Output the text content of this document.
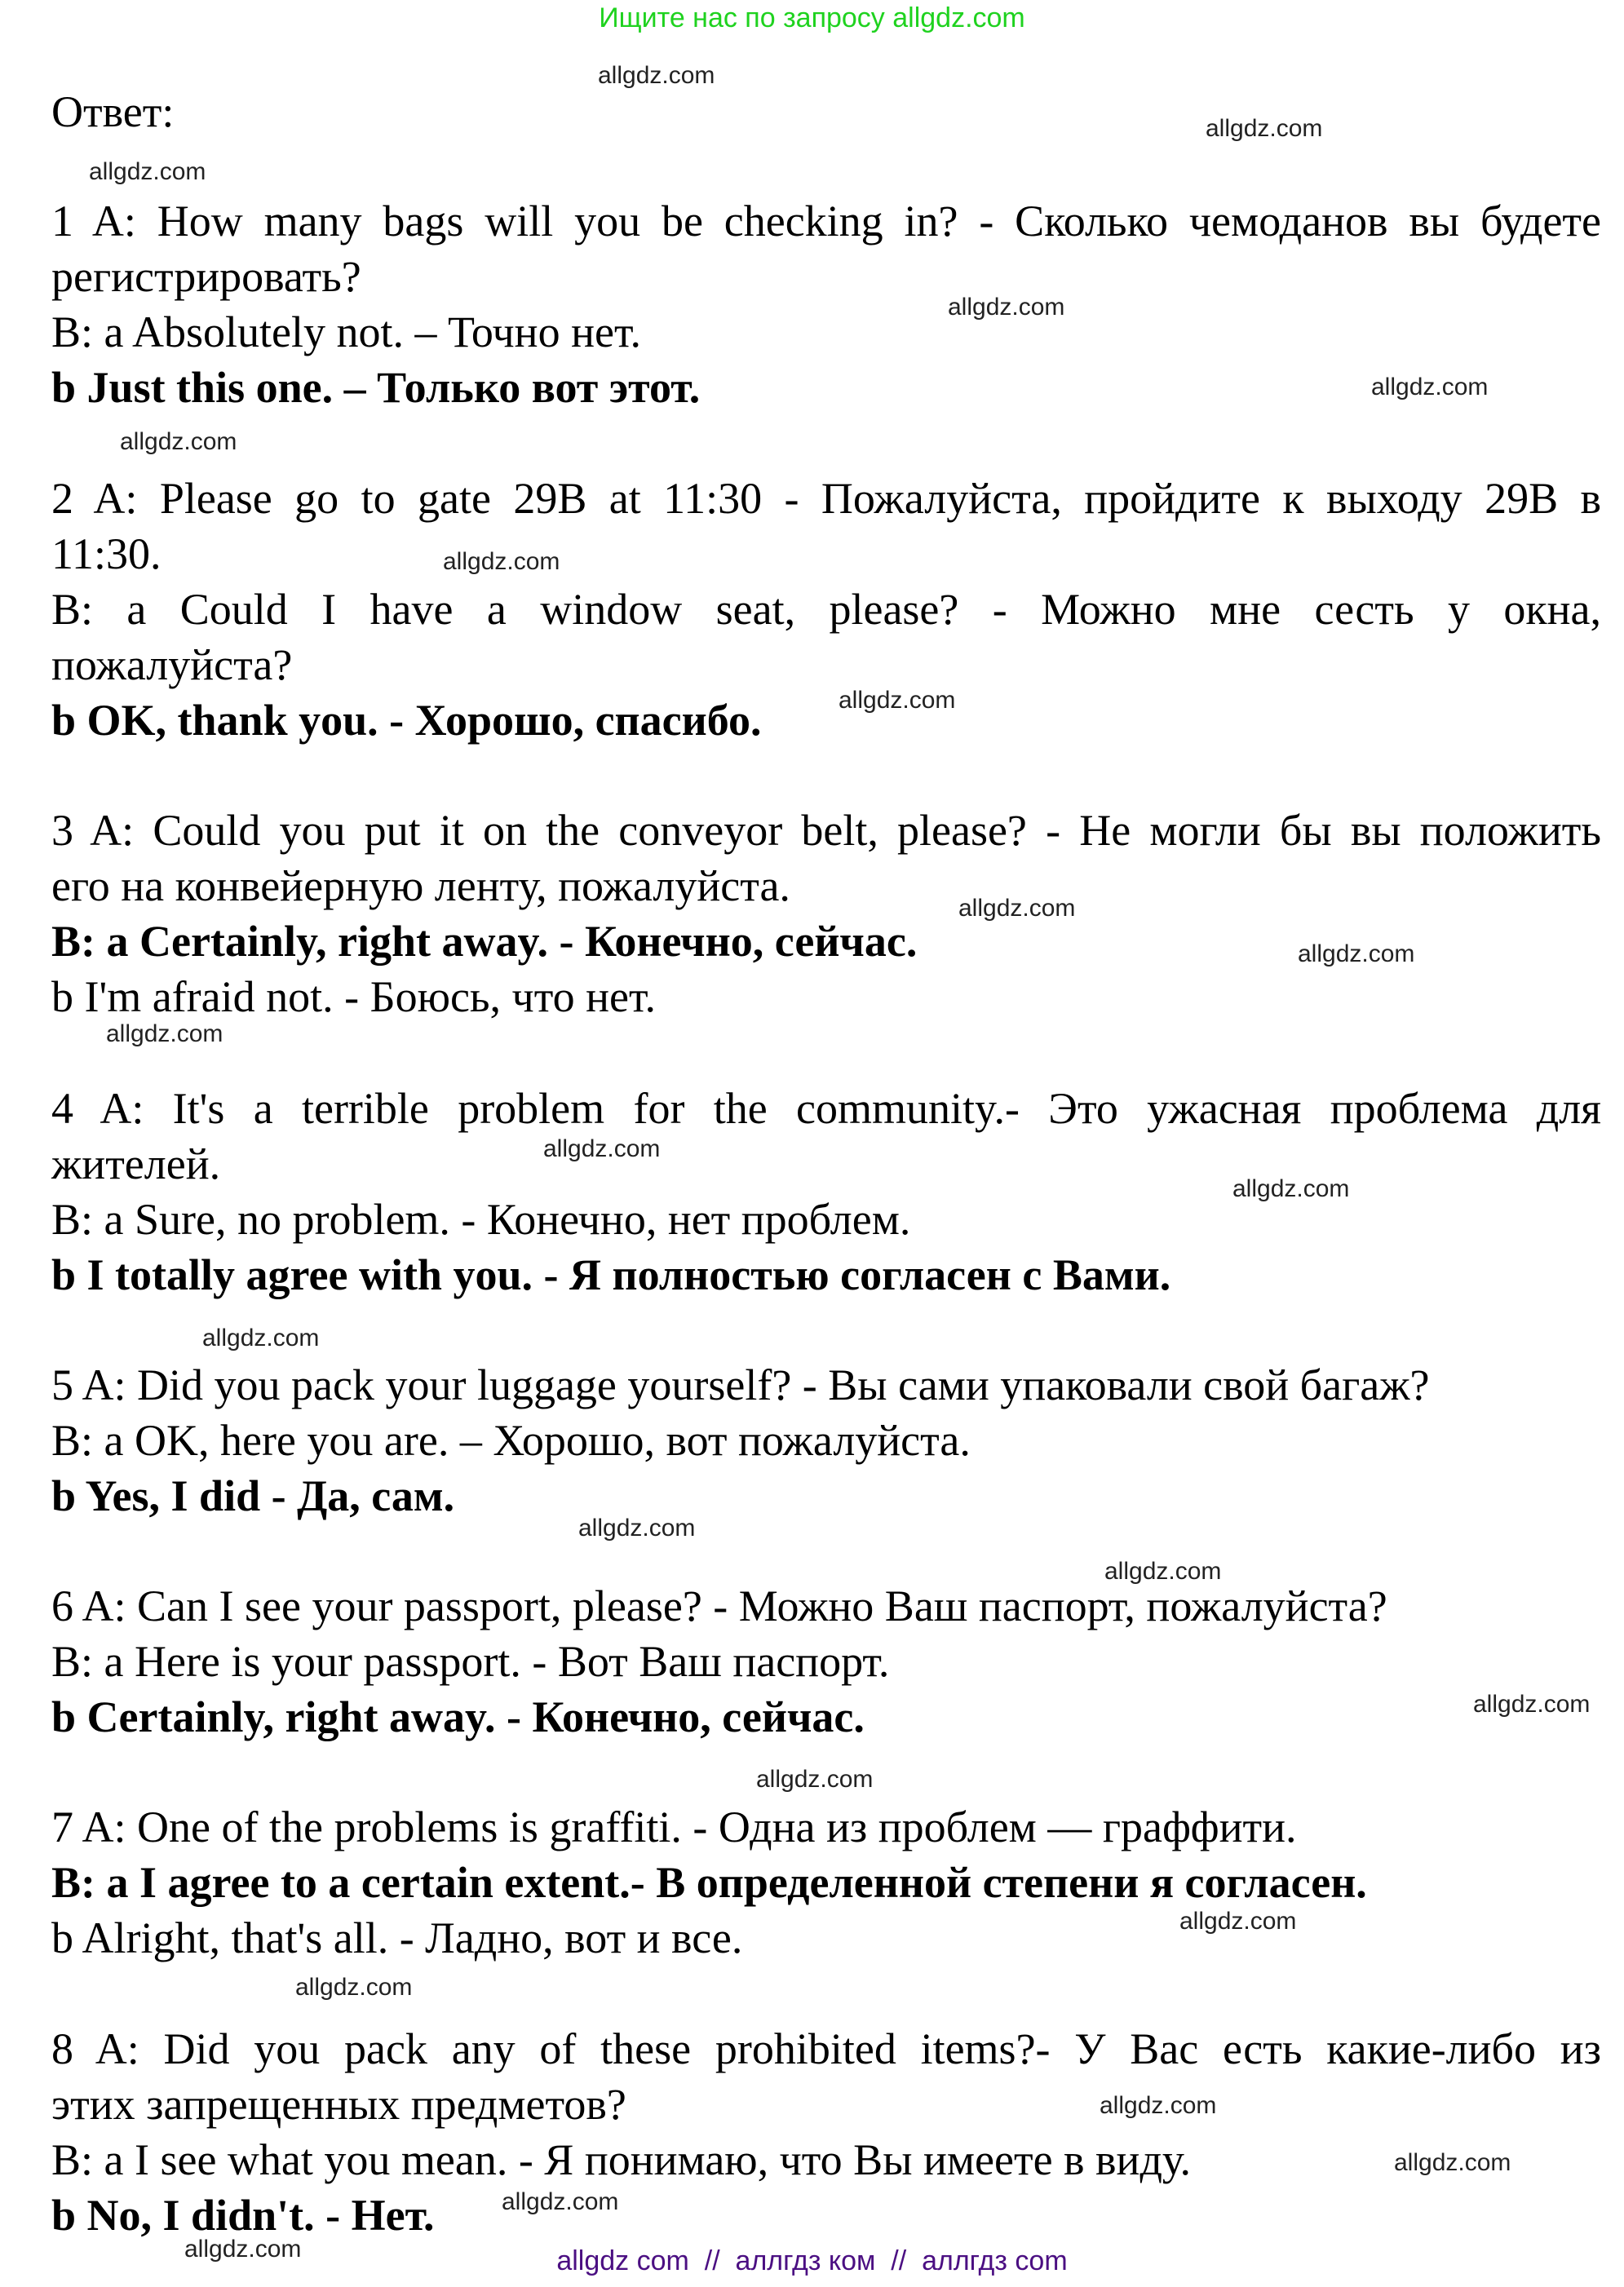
Ищите нас по запросу allgdz.com
Ответ:
1 A: How many bags will you be checking in? - Сколько чемоданов вы будете
регистрировать?
B: a Absolutely not. – Точно нет.
b Just this one. – Только вот этот.
2 A: Please go to gate 29B at 11:30 - Пожалуйста, пройдите к выходу 29B в
11:30.
B: a Could I have a window seat, please? - Можно мне сесть у окна,
пожалуйста?
b OK, thank you. - Хорошо, спасибо.
3 A: Could you put it on the conveyor belt, please? - Не могли бы вы положить
его на конвейерную ленту, пожалуйста.
B: a Certainly, right away. - Конечно, сейчас.
b I'm afraid not. - Боюсь, что нет.
4 A: It's a terrible problem for the community.- Это ужасная проблема для
жителей.
B: a Sure, no problem. - Конечно, нет проблем.
b I totally agree with you. - Я полностью согласен с Вами.
5 A: Did you pack your luggage yourself? - Вы сами упаковали свой багаж?
B: a OK, here you are. – Хорошо, вот пожалуйста.
b Yes, I did - Да, сам.
6 A: Can I see your passport, please? - Можно Ваш паспорт, пожалуйста?
B: a Here is your passport. - Вот Ваш паспорт.
b Certainly, right away. - Конечно, сейчас.
7 A: One of the problems is graffiti. - Одна из проблем — граффити.
B: a I agree to a certain extent.- В определенной степени я согласен.
b Alright, that's all. - Ладно, вот и все.
8 A: Did you pack any of these prohibited items?- У Вас есть какие-либо из
этих запрещенных предметов?
B: a I see what you mean. - Я понимаю, что Вы имеете в виду.
b No, I didn't. - Нет.
allgdz.com
allgdz.com
allgdz.com
allgdz.com
allgdz.com
allgdz.com
allgdz.com
allgdz.com
allgdz.com
allgdz.com
allgdz.com
allgdz.com
allgdz.com
allgdz.com
allgdz.com
allgdz.com
allgdz.com
allgdz.com
allgdz.com
allgdz.com
allgdz.com
allgdz.com
allgdz.com
allgdz.com	allgdz com  //  аллгдз ком  //  аллгдз com
